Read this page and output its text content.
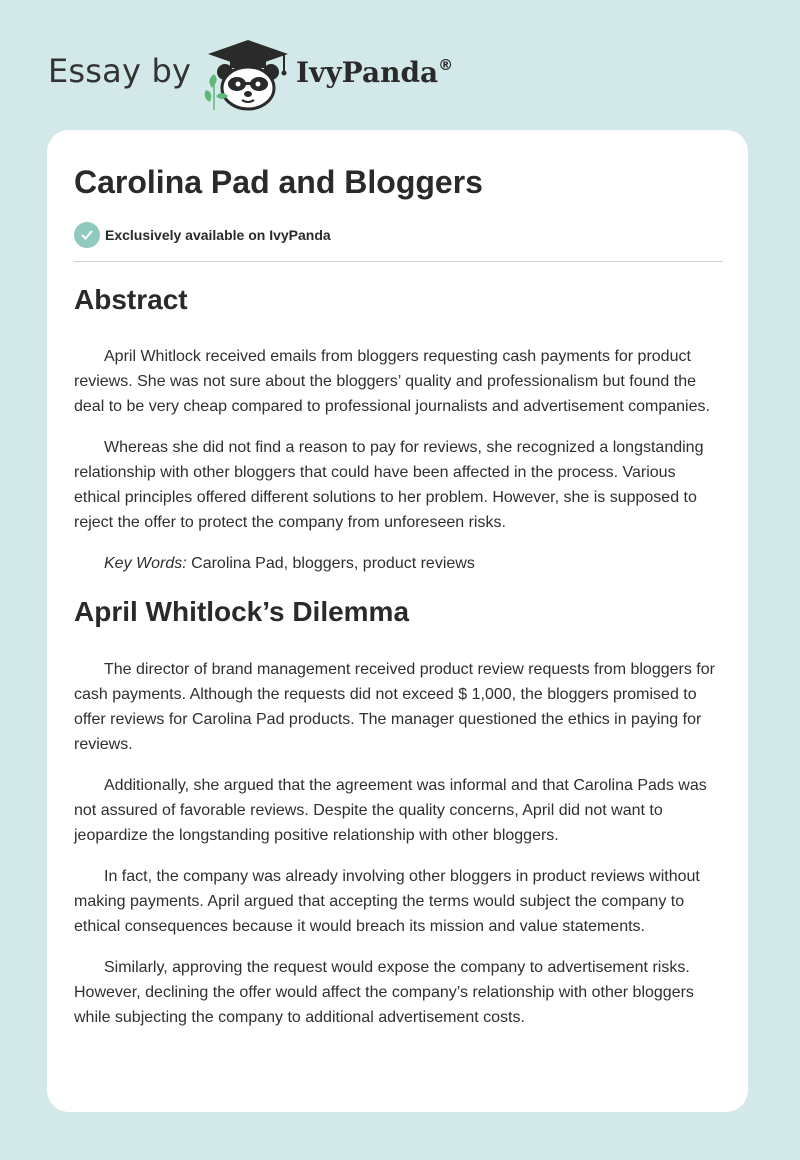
Essay by	IvyPanda®
Carolina Pad and Bloggers
Exclusively available on IvyPanda
Abstract

April Whitlock received emails from bloggers requesting cash payments for product reviews. She was not sure about the bloggers’ quality and professionalism but found the deal to be very cheap compared to professional journalists and advertisement companies.

Whereas she did not find a reason to pay for reviews, she recognized a longstanding relationship with other bloggers that could have been affected in the process. Various ethical principles offered different solutions to her problem. However, she is supposed to reject the offer to protect the company from unforeseen risks.

Key Words: Carolina Pad, bloggers, product reviews

April Whitlock’s Dilemma

The director of brand management received product review requests from bloggers for cash payments. Although the requests did not exceed $ 1,000, the bloggers promised to offer reviews for Carolina Pad products. The manager questioned the ethics in paying for reviews.

Additionally, she argued that the agreement was informal and that Carolina Pads was not assured of favorable reviews. Despite the quality concerns, April did not want to jeopardize the longstanding positive relationship with other bloggers.

In fact, the company was already involving other bloggers in product reviews without making payments. April argued that accepting the terms would subject the company to ethical consequences because it would breach its mission and value statements.

Similarly, approving the request would expose the company to advertisement risks. However, declining the offer would affect the company’s relationship with other bloggers while subjecting the company to additional advertisement costs.
